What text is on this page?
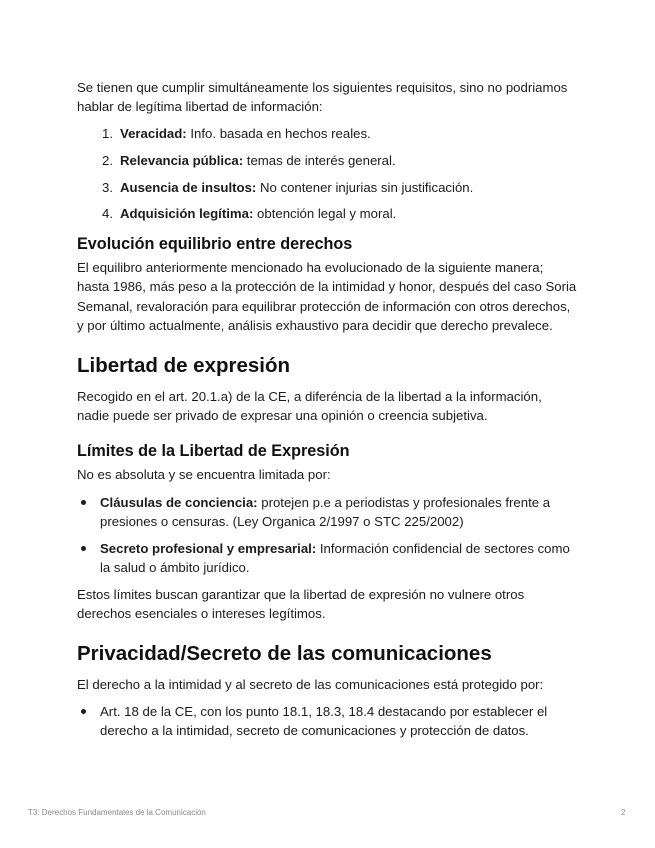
Se tienen que cumplir simultáneamente los siguientes requisitos, sino no podriamos hablar de legítima libertad de información:

1. Veracidad: Info. basada en hechos reales.
2. Relevancia pública: temas de interés general.
3. Ausencia de insultos: No contener injurias sin justificación.
4. Adquisición legítima: obtención legal y moral.
Evolución equilibrio entre derechos

El equilibro anteriormente mencionado ha evolucionado de la siguiente manera; hasta 1986, más peso a la protección de la intimidad y honor, después del caso Soria Semanal, revaloración para equilibrar protección de información con otros derechos, y por último actualmente, análisis exhaustivo para decidir que derecho prevalece.

Libertad de expresión

Recogido en el art. 20.1.a) de la CE, a diferéncia de la libertad a la información, nadie puede ser privado de expresar una opinión o creencia subjetiva.

Límites de la Libertad de Expresión

No es absoluta y se encuentra limitada por:

Cláusulas de conciencia: protejen p.e a periodistas y profesionales frente a presiones o censuras. (Ley Organica 2/1997 o STC 225/2002)
Secreto profesional y empresarial: Información confidencial de sectores como la salud o ámbito jurídico.

Estos límites buscan garantizar que la libertad de expresión no vulnere otros derechos esenciales o intereses legítimos.

Privacidad/Secreto de las comunicaciones

El derecho a la intimidad y al secreto de las comunicaciones está protegido por:

Art. 18 de la CE, con los punto 18.1, 18.3, 18.4 destacando por establecer el derecho a la intimidad, secreto de comunicaciones y protección de datos.
T3: Derechos Fundamentales de la Comunicación	2
